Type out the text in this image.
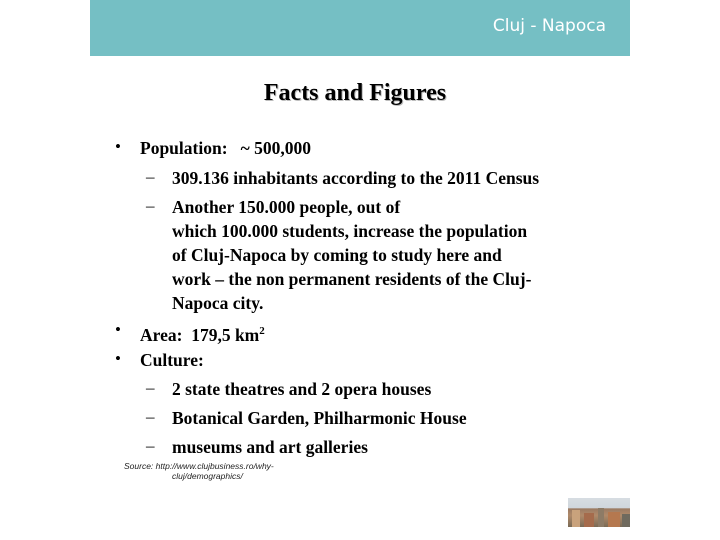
Cluj - Napoca
Facts and Figures
• Population: ~ 500,000
– 309.136 inhabitants according to the 2011 Census
– Another 150.000 people, out of
which 100.000 students, increase the population
of Cluj-Napoca by coming to study here and
work – the non permanent residents of the Cluj-
Napoca city.
• Area: 179,5 $km^2$
• Culture:
– 2 state theatres and 2 opera houses
– Botanical Garden, Philharmonic House
– museums and art galleries
Source: http://www.clujbusiness.ro/why-
cluj/demographics/
